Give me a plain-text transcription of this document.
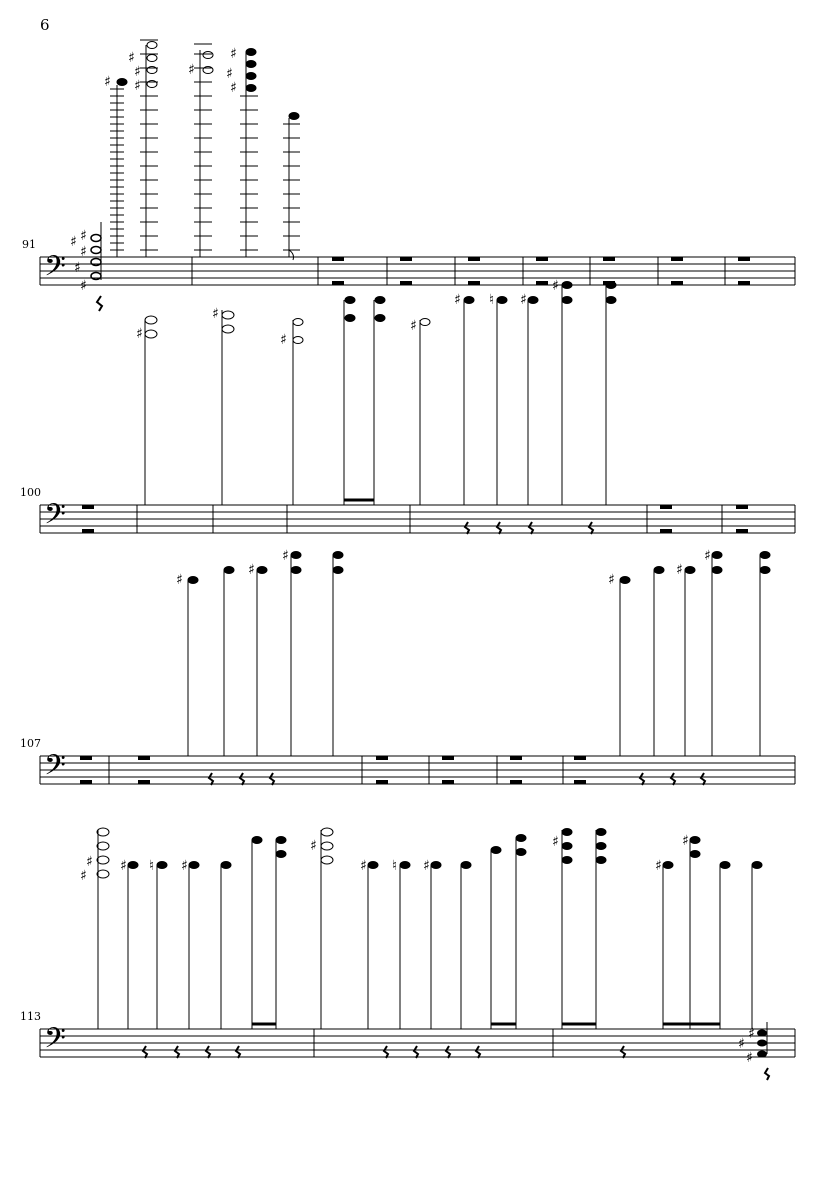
6
91
100
107
113
𝄢 ♯
♯
♯
♯ ♯
♯
♯
♯
♯
♯
♯
♯
♯
𝄢
♯
♯
♯
♯
♯ ♮ ♯
♯
𝄢
♯
♯
♯
♯
♯
♯
𝄢	♯
♯
♯
♯
♯ ♯ ♮ ♯
♯
♯ ♮ ♯
♯
♯
♯
